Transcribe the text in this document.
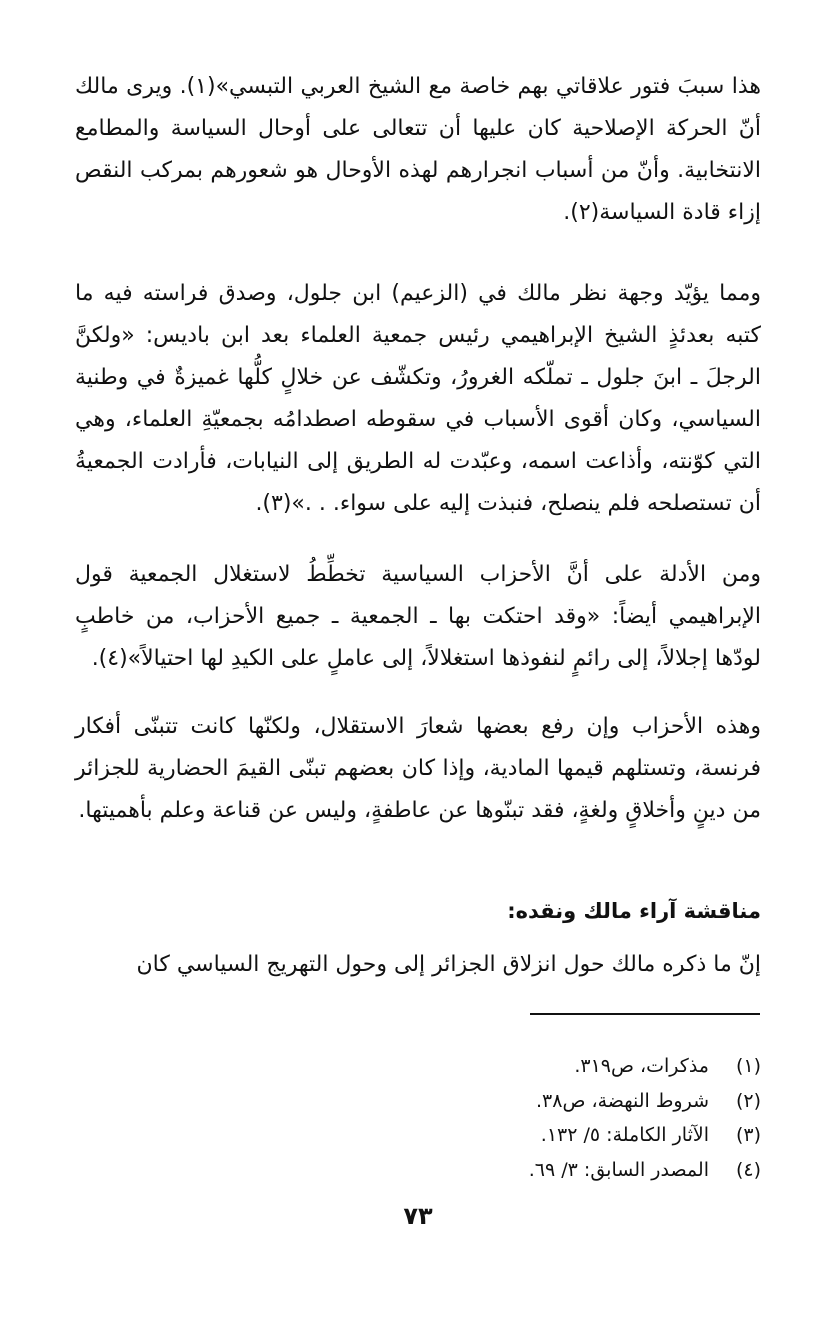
هذا سببَ فتور علاقاتي بهم خاصة مع الشيخ العربي التبسي»(١). ويرى مالك أنّ الحركة الإصلاحية كان عليها أن تتعالى على أوحال السياسة والمطامع الانتخابية. وأنّ من أسباب انجرارهم لهذه الأوحال هو شعورهم بمركب النقص إزاء قادة السياسة(٢).

ومما يؤيّد وجهة نظر مالك في (الزعيم) ابن جلول، وصدق فراسته فيه ما كتبه بعدئذٍ الشيخ الإبراهيمي رئيس جمعية العلماء بعد ابن باديس: «ولكنَّ الرجلَ ـ ابنَ جلول ـ تملّكه الغرورُ، وتكشّف عن خلالٍ كلُّها غميزةٌ في وطنية السياسي، وكان أقوى الأسباب في سقوطه اصطدامُه بجمعيّةِ العلماء، وهي التي كوّنته، وأذاعت اسمه، وعبّدت له الطريق إلى النيابات، فأرادت الجمعيةُ أن تستصلحه فلم ينصلح، فنبذت إليه على سواء. . .»(٣).

ومن الأدلة على أنَّ الأحزاب السياسية تخطِّطُ لاستغلال الجمعية قول الإبراهيمي أيضاً: «وقد احتكت بها ـ الجمعية ـ جميع الأحزاب، من خاطبٍ لودّها إجلالاً، إلى رائمٍ لنفوذها استغلالاً، إلى عاملٍ على الكيدِ لها احتيالاً»(٤).

وهذه الأحزاب وإن رفع بعضها شعارَ الاستقلال، ولكنّها كانت تتبنّى أفكار فرنسة، وتستلهم قيمها المادية، وإذا كان بعضهم تبنّى القيمَ الحضارية للجزائر من دينٍ وأخلاقٍ ولغةٍ، فقد تبنّوها عن عاطفةٍ، وليس عن قناعة وعلم بأهميتها.

مناقشة آراء مالك ونقده:

إنّ ما ذكره مالك حول انزلاق الجزائر إلى وحول التهريج السياسي كان

(١)
مذكرات، ص٣١٩.
(٢)
شروط النهضة، ص٣٨.
(٣)
الآثار الكاملة: ٥/ ١٣٢.
(٤)
المصدر السابق: ٣/ ٦٩.
٧٣
